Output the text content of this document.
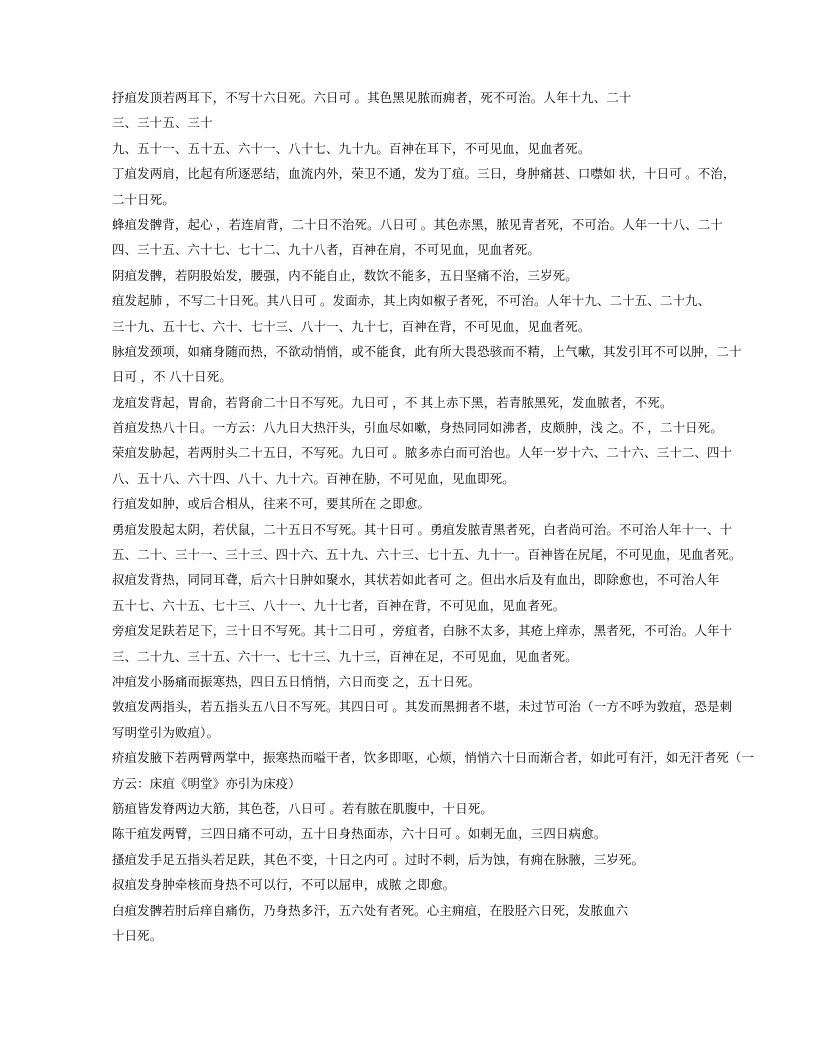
抒疽发顶若两耳下，不写十六日死。六日可 。其色黑见脓而痈者，死不可治。人年十九、二十
三、三十五、三十
九、五十一、五十五、六十一、八十七、九十九。百神在耳下，不可见血，见血者死。
丁疽发两肩，比起有所逐恶结，血流内外，荣卫不通，发为丁疽。三日，身肿痛甚、口噤如 状，十日可 。不治，
二十日死。
蜂疽发髀背，起心 ，若连肩背，二十日不治死。八日可 。其色赤黑，脓见青者死，不可治。人年一十八、二十
四、三十五、六十七、七十二、九十八者，百神在肩，不可见血，见血者死。
阴疽发髀，若阴股始发，腰强，内不能自止，数饮不能多，五日坚痛不治，三岁死。
疽发起肺 ，不写二十日死。其八日可 。发面赤，其上肉如椒子者死，不可治。人年十九、二十五、二十九、
三十九、五十七、六十、七十三、八十一、九十七，百神在背，不可见血，见血者死。
脉疽发颈项，如痛身随而热，不欲动悄悄，或不能食，此有所大畏恐骇而不精，上气嗽，其发引耳不可以肿，二十
日可 ，不 八十日死。
龙疽发背起，胃俞，若肾俞二十日不写死。九日可 ，不 其上赤下黑，若青脓黑死，发血脓者，不死。
首疽发热八十日。一方云：八九日大热汗头，引血尽如嗽，身热同同如沸者，皮颇肿，浅 之。不 ，二十日死。
荣疽发胁起，若两肘头二十五日，不写死。九日可 。脓多赤白而可治也。人年一岁十六、二十六、三十二、四十
八、五十八、六十四、八十、九十六。百神在胁，不可见血，见血即死。
行疽发如肿，或后合相从，往来不可，要其所在 之即愈。
勇疽发股起太阴，若伏鼠，二十五日不写死。其十日可 。勇疽发脓青黑者死，白者尚可治。不可治人年十一、十
五、二十、三十一、三十三、四十六、五十九、六十三、七十五、九十一。百神皆在尻尾，不可见血，见血者死。
叔疽发背热，同同耳聋，后六十日肿如聚水，其状若如此者可 之。但出水后及有血出，即除愈也，不可治人年
五十七、六十五、七十三、八十一、九十七者，百神在背，不可见血，见血者死。
旁疽发足趺若足下，三十日不写死。其十二日可 ，旁疽者，白脉不太多，其疮上痒赤，黑者死，不可治。人年十
三、二十九、三十五、六十一、七十三、九十三，百神在足，不可见血，见血者死。
冲疽发小肠痛而振寒热，四日五日悄悄，六日而变 之，五十日死。
敦疽发两指头，若五指头五八日不写死。其四日可 。其发而黑拥者不堪，未过节可治（一方不呼为敦疽，恐是刺
写明堂引为败疽）。
疥疽发腋下若两臂两掌中，振寒热而嗌干者，饮多即呕，心烦，悄悄六十日而渐合者，如此可有汗，如无汗者死（一
方云：床疽《明堂》亦引为床疫）
筋疽皆发脊两边大筋，其色苍，八日可 。若有脓在肌腹中，十日死。
陈干疽发两臂，三四日痛不可动，五十日身热面赤，六十日可 。如刺无血，三四日病愈。
搔疽发手足五指头若足趺，其色不变，十日之内可 。过时不刺，后为蚀，有痈在脉腋，三岁死。
叔疽发身肿牵核而身热不可以行，不可以屈申，成脓 之即愈。
白疽发髀若肘后痒自痛伤，乃身热多汗，五六处有者死。心主痈疽，在股胫六日死，发脓血六
十日死。
